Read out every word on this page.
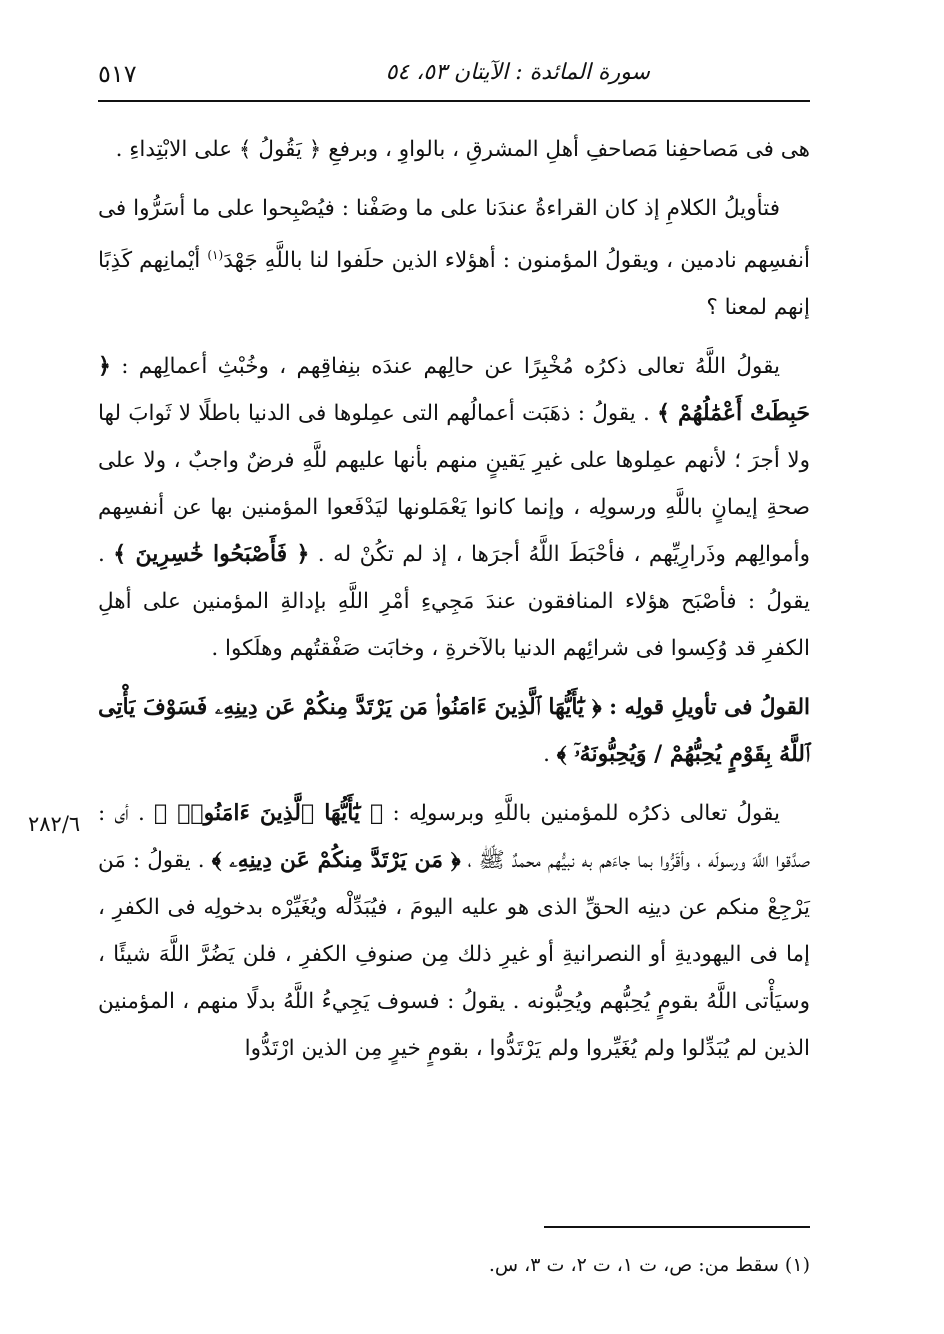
٥١٧	سورة المائدة : الآيتان ٥٣، ٥٤
٢٨٢/٦

هى فى مَصاحفِنا مَصاحفِ أهلِ المشرقِ ، بالواوِ ، وبرفعِ ﴿ يَقُولُ ﴾ على الابْتِداءِ .

فتأويلُ الكلامِ إذ كان القراءةُ عندَنا على ما وصَفْنا : فيُصْبِحوا على ما أسَرُّوا فى أنفسِهم نادمين ، ويقولُ المؤمنون : أهؤلاء الذين حلَفوا لنا باللَّهِ جَهْدَ$^{(١)}$ أيْمانِهم كَذِبًا إنهم لمعنا ؟

يقولُ اللَّهُ تعالى ذكرُه مُخْبِرًا عن حالِهم عندَه بنِفاقِهم ، وخُبْثِ أعمالِهم : ﴿ حَبِطَتْ أَعْمَٰلُهُمْ ﴾ . يقولُ : ذهَبَت أعمالُهم التى عمِلوها فى الدنيا باطلًا لا ثَوابَ لها ولا أجرَ ؛ لأنهم عمِلوها على غيرِ يَقينٍ منهم بأنها عليهم للَّهِ فرضٌ واجبٌ ، ولا على صحةِ إيمانٍ باللَّهِ ورسولِه ، وإنما كانوا يَعْمَلونها ليَدْفَعوا المؤمنين بها عن أنفسِهم وأموالِهم وذَرارِيِّهم ، فأحْبَطَ اللَّهُ أجرَها ، إذ لم تكُنْ له . ﴿ فَأَصْبَحُوا خَٰسِرِينَ ﴾ . يقولُ : فأصْبَح هؤلاء المنافقون عندَ مَجِيءِ أمْرِ اللَّهِ بإدالةِ المؤمنين على أهلِ الكفرِ قد وُكِسوا فى شرائِهم الدنيا بالآخرةِ ، وخابَت صَفْقتُهم وهلَكوا .

القولُ فى تأويلِ قولِه : ﴿ يَٰٓأَيُّهَا ٱلَّذِينَ ءَامَنُوا۟ مَن يَرْتَدَّ مِنكُمْ عَن دِينِهِۦ فَسَوْفَ يَأْتِى ٱللَّهُ بِقَوْمٍ يُحِبُّهُمْ / وَيُحِبُّونَهُۥٓ ﴾ .

يقولُ تعالى ذكرُه للمؤمنين باللَّهِ وبرسولِه : ﴿ يَٰٓأَيُّهَا ٱلَّذِينَ ءَامَنُوا۟ ﴾ . أى : صدَّقوا اللَّهَ ورسولَه ، وأقَرُّوا بما جاءَهم به نبيُّهم محمدٌ ﷺ ، ﴿ مَن يَرْتَدَّ مِنكُمْ عَن دِينِهِۦ ﴾ . يقولُ : مَن يَرْجِعْ منكم عن دينِه الحقِّ الذى هو عليه اليومَ ، فيُبَدِّلْه ويُغَيِّرْه بدخولِه فى الكفرِ ، إما فى اليهوديةِ أو النصرانيةِ أو غيرِ ذلك مِن صنوفِ الكفرِ ، فلن يَضُرَّ اللَّهَ شيئًا ، وسيَأْتى اللَّهُ بقومٍ يُحِبُّهم ويُحِبُّونه . يقولُ : فسوف يَجِيءُ اللَّهُ بدلًا منهم ، المؤمنين الذين لم يُبَدِّلوا ولم يُغَيِّروا ولم يَرْتَدُّوا ، بقومٍ خيرٍ مِن الذين ارْتَدُّوا

(١) سقط من: ص، ت ١، ت ٢، ت ٣، س.
